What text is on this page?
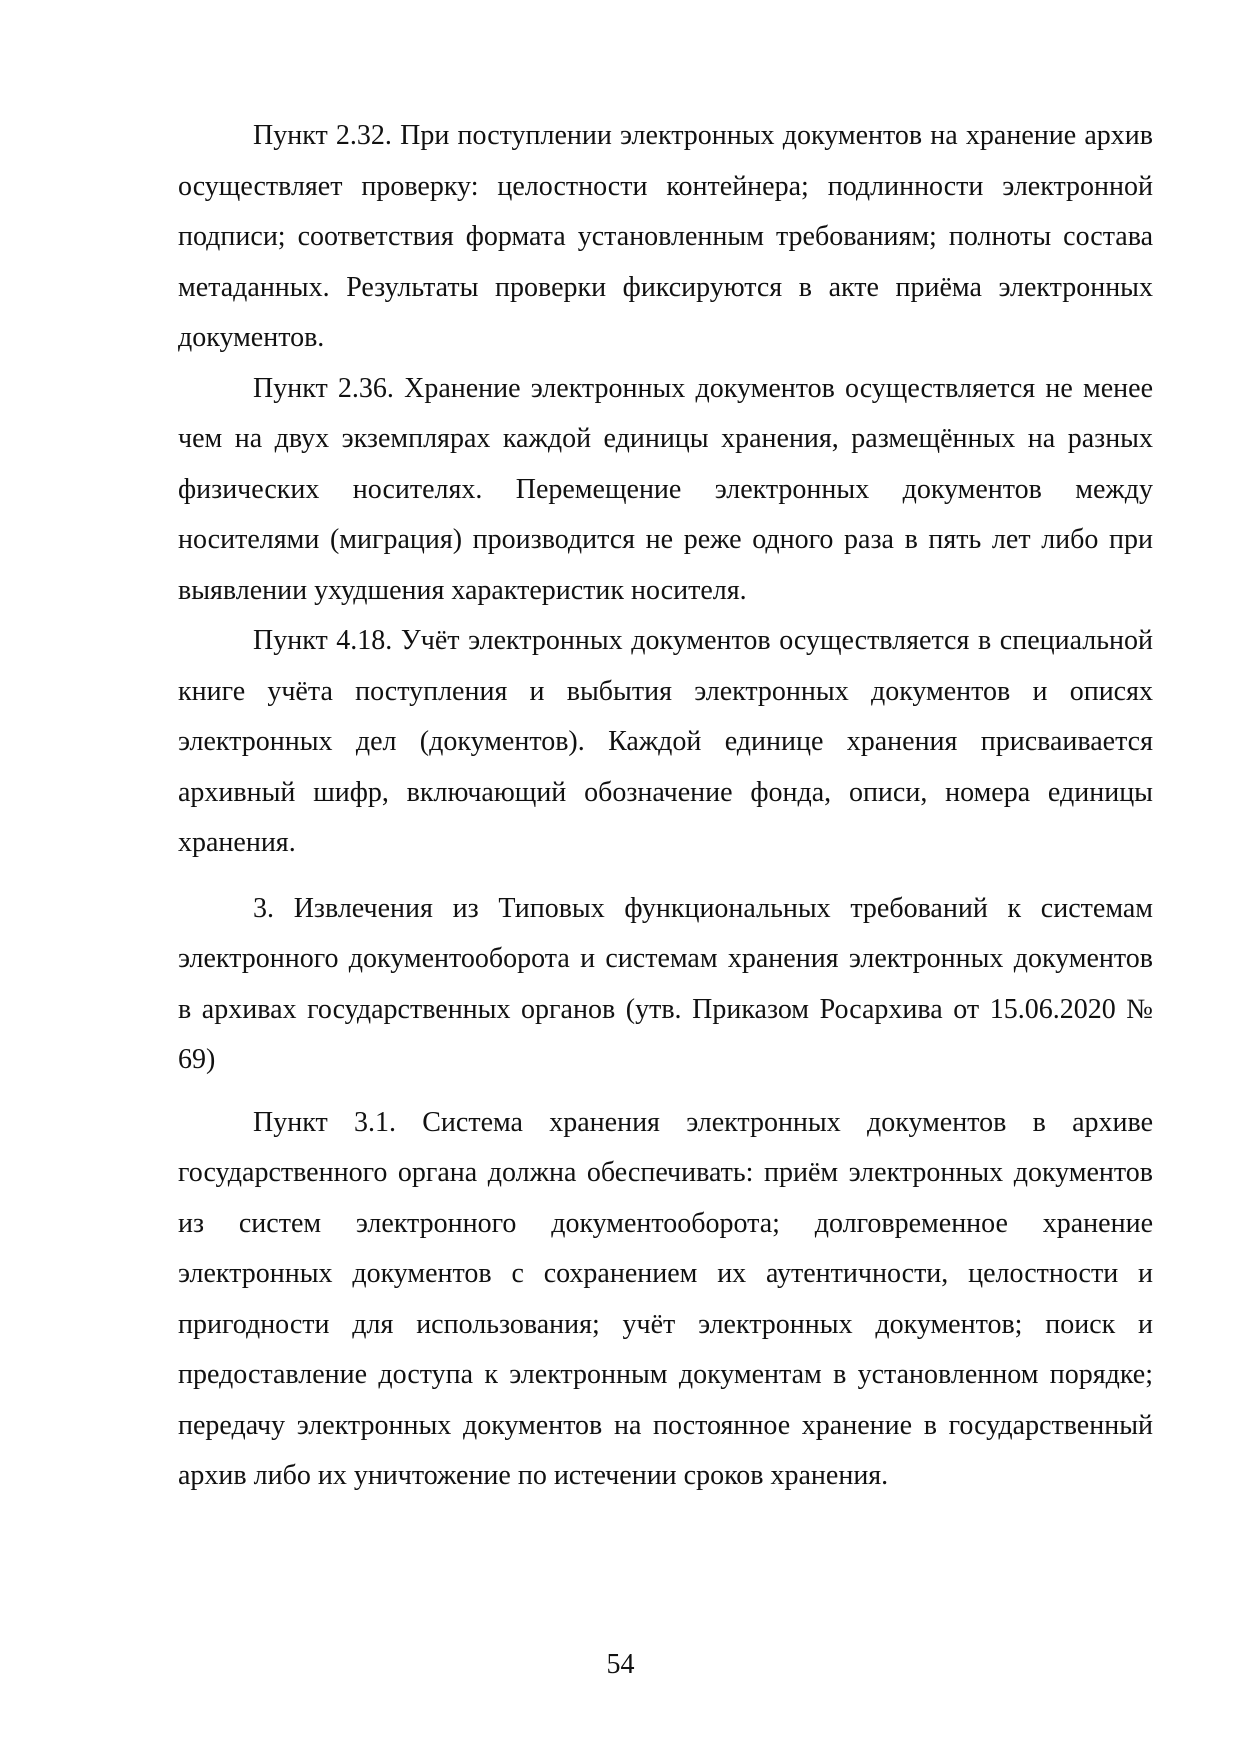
Пункт 2.32. При поступлении электронных документов на хранение архив осуществляет проверку: целостности контейнера; подлинности электронной подписи; соответствия формата установленным требованиям; полноты состава метаданных. Результаты проверки фиксируются в акте приёма электронных документов.

Пункт 2.36. Хранение электронных документов осуществляется не менее чем на двух экземплярах каждой единицы хранения, размещённых на разных физических носителях. Перемещение электронных документов между носителями (миграция) производится не реже одного раза в пять лет либо при выявлении ухудшения характеристик носителя.

Пункт 4.18. Учёт электронных документов осуществляется в специальной книге учёта поступления и выбытия электронных документов и описях электронных дел (документов). Каждой единице хранения присваивается архивный шифр, включающий обозначение фонда, описи, номера единицы хранения.

3. Извлечения из Типовых функциональных требований к системам электронного документооборота и системам хранения электронных документов в архивах государственных органов (утв. Приказом Росархива от 15.06.2020 № 69)

Пункт 3.1. Система хранения электронных документов в архиве государственного органа должна обеспечивать: приём электронных документов из систем электронного документооборота; долговременное хранение электронных документов с сохранением их аутентичности, целостности и пригодности для использования; учёт электронных документов; поиск и предоставление доступа к электронным документам в установленном порядке; передачу электронных документов на постоянное хранение в государственный архив либо их уничтожение по истечении сроков хранения.

54
